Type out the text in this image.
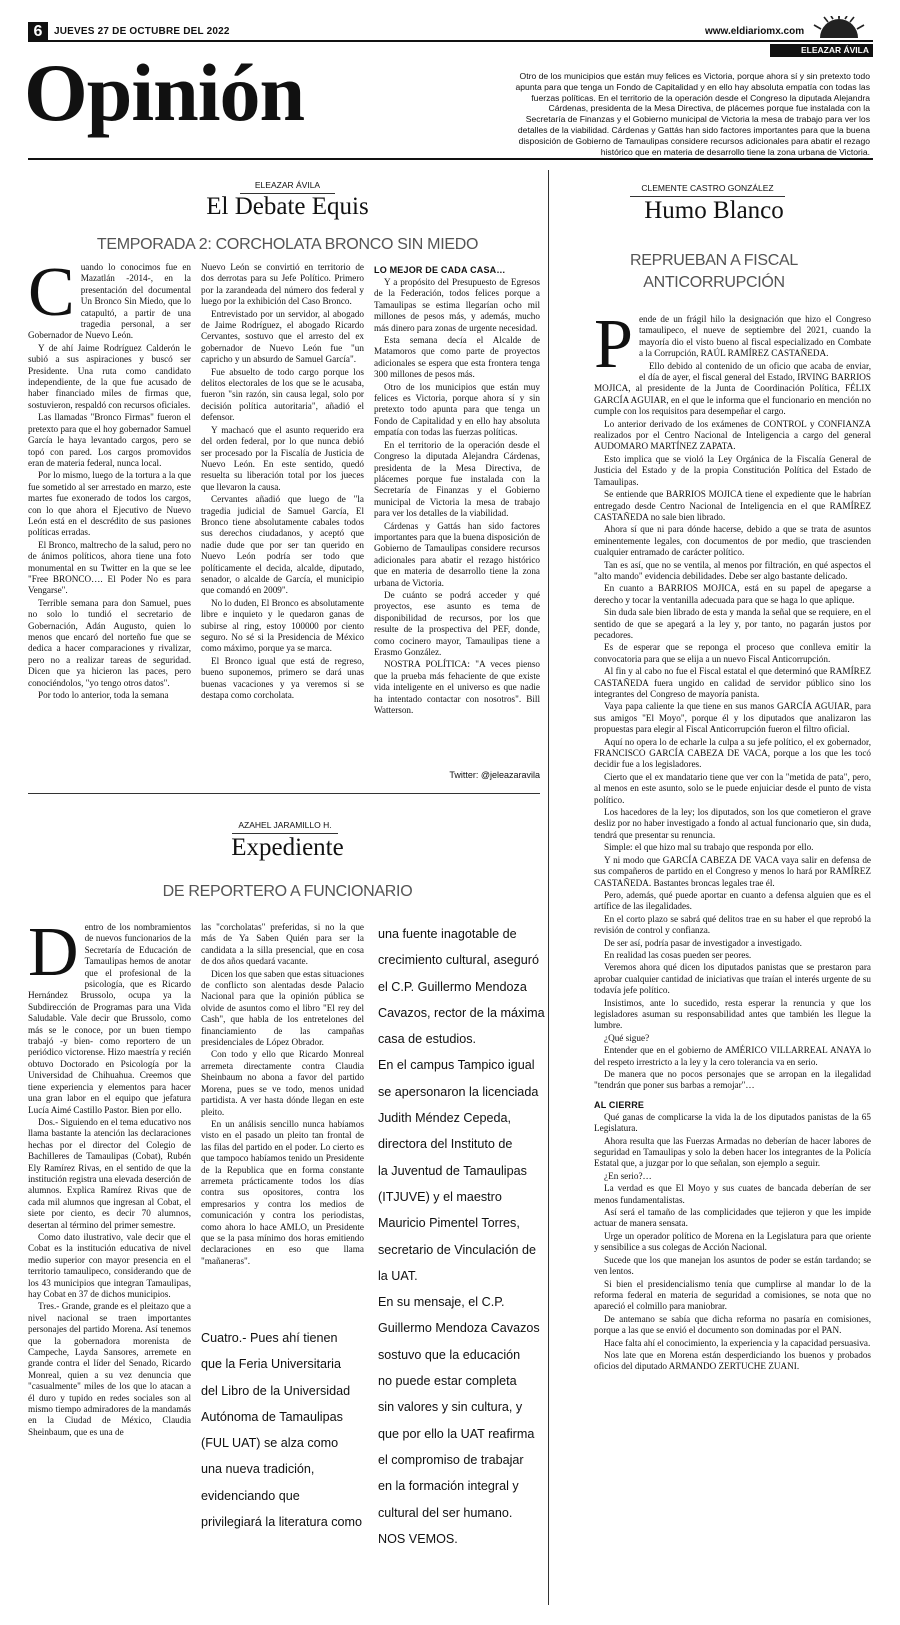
6	JUEVES 27 DE OCTUBRE DEL 2022	www.eldiariomx.com
ELEAZAR ÁVILA
Opinión	Otro de los municipios que están muy felices es Victoria, porque ahora sí y sin pretexto todo apunta para que tenga un Fondo de Capitalidad y en ello hay absoluta empatía con todas las fuerzas políticas. En el territorio de la operación desde el Congreso la diputada Alejandra Cárdenas, presidenta de la Mesa Directiva, de plácemes porque fue instalada con la Secretaría de Finanzas y el Gobierno municipal de Victoria la mesa de trabajo para ver los detalles de la viabilidad. Cárdenas y Gattás han sido factores importantes para que la buena disposición de Gobierno de Tamaulipas considere recursos adicionales para abatir el rezago histórico que en materia de desarrollo tiene la zona urbana de Victoria.
ELEAZAR ÁVILA
El Debate Equis
TEMPORADA 2: CORCHOLATA BRONCO SIN MIEDO

Cuando lo conocimos fue en Mazatlán -2014-, en la presentación del documental Un Bronco Sin Miedo, que lo catapultó, a partir de una tragedia personal, a ser Gobernador de Nuevo León.

Y de ahí Jaime Rodríguez Calderón le subió a sus aspiraciones y buscó ser Presidente. Una ruta como candidato independiente, de la que fue acusado de haber financiado miles de firmas que, sostuvieron, respaldó con recursos oficiales.

Las llamadas "Bronco Firmas" fueron el pretexto para que el hoy gobernador Samuel García le haya levantado cargos, pero se topó con pared. Los cargos promovidos eran de materia federal, nunca local.

Por lo mismo, luego de la tortura a la que fue sometido al ser arrestado en marzo, este martes fue exonerado de todos los cargos, con lo que ahora el Ejecutivo de Nuevo León está en el descrédito de sus pasiones políticas erradas.

El Bronco, maltrecho de la salud, pero no de ánimos políticos, ahora tiene una foto monumental en su Twitter en la que se lee "Free BRONCO…. El Poder No es para Vengarse".

Terrible semana para don Samuel, pues no solo lo tundió el secretario de Gobernación, Adán Augusto, quien lo menos que encaró del norteño fue que se dedica a hacer comparaciones y rivalizar, pero no a realizar tareas de seguridad. Dicen que ya hicieron las paces, pero conociéndolos, "yo tengo otros datos".

Por todo lo anterior, toda la semana

Nuevo León se convirtió en territorio de dos derrotas para su Jefe Político. Primero por la zarandeada del número dos federal y luego por la exhibición del Caso Bronco.

Entrevistado por un servidor, al abogado de Jaime Rodríguez, el abogado Ricardo Cervantes, sostuvo que el arresto del ex gobernador de Nuevo León fue "un capricho y un absurdo de Samuel García".

Fue absuelto de todo cargo porque los delitos electorales de los que se le acusaba, fueron "sin razón, sin causa legal, solo por decisión política autoritaria", añadió el defensor.

Y machacó que el asunto requerido era del orden federal, por lo que nunca debió ser procesado por la Fiscalía de Justicia de Nuevo León. En este sentido, quedó resuelta su liberación total por los jueces que llevaron la causa.

Cervantes añadió que luego de "la tragedia judicial de Samuel García, El Bronco tiene absolutamente cabales todos sus derechos ciudadanos, y aceptó que nadie dude que por ser tan querido en Nuevo León podría ser todo que políticamente el decida, alcalde, diputado, senador, o alcalde de García, el municipio que comandó en 2009".

No lo duden, El Bronco es absolutamente libre e inquieto y le quedaron ganas de subirse al ring, estoy 100000 por ciento seguro. No sé si la Presidencia de México como máximo, porque ya se marca.

El Bronco igual que está de regreso, bueno suponemos, primero se dará unas buenas vacaciones y ya veremos si se destapa como corcholata.

LO MEJOR DE CADA CASA…

Y a propósito del Presupuesto de Egresos de la Federación, todos felices porque a Tamaulipas se estima llegarían ocho mil millones de pesos más, y además, mucho más dinero para zonas de urgente necesidad.

Esta semana decía el Alcalde de Matamoros que como parte de proyectos adicionales se espera que esta frontera tenga 300 millones de pesos más.

Otro de los municipios que están muy felices es Victoria, porque ahora sí y sin pretexto todo apunta para que tenga un Fondo de Capitalidad y en ello hay absoluta empatía con todas las fuerzas políticas.

En el territorio de la operación desde el Congreso la diputada Alejandra Cárdenas, presidenta de la Mesa Directiva, de plácemes porque fue instalada con la Secretaría de Finanzas y el Gobierno municipal de Victoria la mesa de trabajo para ver los detalles de la viabilidad.

Cárdenas y Gattás han sido factores importantes para que la buena disposición de Gobierno de Tamaulipas considere recursos adicionales para abatir el rezago histórico que en materia de desarrollo tiene la zona urbana de Victoria.

De cuánto se podrá acceder y qué proyectos, ese asunto es tema de disponibilidad de recursos, por los que resulte de la prospectiva del PEF, donde, como cocinero mayor, Tamaulipas tiene a Erasmo González.

NOSTRA POLÍTICA: "A veces pienso que la prueba más fehaciente de que existe vida inteligente en el universo es que nadie ha intentado contactar con nosotros". Bill Watterson.

Twitter: @jeleazaravila
AZAHEL JARAMILLO H.
Expediente
DE REPORTERO A FUNCIONARIO

Dentro de los nombramientos de nuevos funcionarios de la Secretaría de Educación de Tamaulipas hemos de anotar que el profesional de la psicología, que es Ricardo Hernández Brussolo, ocupa ya la Subdirección de Programas para una Vida Saludable. Vale decir que Brussolo, como más se le conoce, por un buen tiempo trabajó -y bien- como reportero de un periódico victorense. Hizo maestría y recién obtuvo Doctorado en Psicología por la Universidad de Chihuahua. Creemos que tiene experiencia y elementos para hacer una gran labor en el equipo que jefatura Lucía Aimé Castillo Pastor. Bien por ello.

Dos.- Siguiendo en el tema educativo nos llama bastante la atención las declaraciones hechas por el director del Colegio de Bachilleres de Tamaulipas (Cobat), Rubén Ely Ramírez Rivas, en el sentido de que la institución registra una elevada deserción de alumnos. Explica Ramírez Rivas que de cada mil alumnos que ingresan al Cobat, el siete por ciento, es decir 70 alumnos, desertan al término del primer semestre.

Como dato ilustrativo, vale decir que el Cobat es la institución educativa de nivel medio superior con mayor presencia en el territorio tamaulipeco, considerando que de los 43 municipios que integran Tamaulipas, hay Cobat en 37 de dichos municipios.

Tres.- Grande, grande es el pleitazo que a nivel nacional se traen importantes personajes del partido Morena. Así tenemos que la gobernadora morenista de Campeche, Layda Sansores, arremete en grande contra el líder del Senado, Ricardo Monreal, quien a su vez denuncia que "casualmente" miles de los que lo atacan a él duro y tupido en redes sociales son al mismo tiempo admiradores de la mandamás en la Ciudad de México, Claudia Sheinbaum, que es una de

las "corcholatas" preferidas, si no la que más de Ya Saben Quién para ser la candidata a la silla presencial, que en cosa de dos años quedará vacante.

Dicen los que saben que estas situaciones de conflicto son alentadas desde Palacio Nacional para que la opinión pública se olvide de asuntos como el libro "El rey del Cash", que habla de los entretelones del financiamiento de las campañas presidenciales de López Obrador.

Con todo y ello que Ricardo Monreal arremeta directamente contra Claudia Sheinbaum no abona a favor del partido Morena, pues se ve todo, menos unidad partidista. A ver hasta dónde llegan en este pleito.

En un análisis sencillo nunca habíamos visto en el pasado un pleito tan frontal de las filas del partido en el poder. Lo cierto es que tampoco habíamos tenido un Presidente de la Republica que en forma constante arremeta prácticamente todos los días contra sus opositores, contra los empresarios y contra los medios de comunicación y contra los periodistas, como ahora lo hace AMLO, un Presidente que se la pasa mínimo dos horas emitiendo declaraciones en eso que llama "mañaneras".

Cuatro.- Pues ahí tienen

que la Feria Universitaria

del Libro de la Universidad

Autónoma de Tamaulipas

(FUL UAT) se alza como

una nueva tradición,

evidenciando que

privilegiará la literatura como

una fuente inagotable de

crecimiento cultural, aseguró

el C.P. Guillermo Mendoza

Cavazos, rector de la máxima

casa de estudios.

En el campus Tampico igual

se apersonaron la licenciada

Judith Méndez Cepeda,

directora del Instituto de

la Juventud de Tamaulipas

(ITJUVE) y el maestro

Mauricio Pimentel Torres,

secretario de Vinculación de

la UAT.

En su mensaje, el C.P.

Guillermo Mendoza Cavazos

sostuvo que la educación

no puede estar completa

sin valores y sin cultura, y

que por ello la UAT reafirma

el compromiso de trabajar

en la formación integral y

cultural del ser humano.

NOS VEMOS.

CLEMENTE CASTRO GONZÁLEZ
Humo Blanco
REPRUEBAN A FISCAL ANTICORRUPCIÓN

Pende de un frágil hilo la designación que hizo el Congreso tamaulipeco, el nueve de septiembre del 2021, cuando la mayoría dio el visto bueno al fiscal especializado en Combate a la Corrupción, RAÚL RAMÍREZ CASTAÑEDA.

Ello debido al contenido de un oficio que acaba de enviar, el día de ayer, el fiscal general del Estado, IRVING BARRIOS MOJICA, al presidente de la Junta de Coordinación Política, FÉLIX GARCÍA AGUIAR, en el que le informa que el funcionario en mención no cumple con los requisitos para desempeñar el cargo.

Lo anterior derivado de los exámenes de CONTROL y CONFIANZA realizados por el Centro Nacional de Inteligencia a cargo del general AUDOMARO MARTÍNEZ ZAPATA.

Esto implica que se violó la Ley Orgánica de la Fiscalía General de Justicia del Estado y de la propia Constitución Política del Estado de Tamaulipas.

Se entiende que BARRIOS MOJICA tiene el expediente que le habrían entregado desde Centro Nacional de Inteligencia en el que RAMÍREZ CASTAÑEDA no sale bien librado.

Ahora sí que ni para dónde hacerse, debido a que se trata de asuntos eminentemente legales, con documentos de por medio, que trascienden cualquier entramado de carácter político.

Tan es así, que no se ventila, al menos por filtración, en qué aspectos el "alto mando" evidencia debilidades. Debe ser algo bastante delicado.

En cuanto a BARRIOS MOJICA, está en su papel de apegarse a derecho y tocar la ventanilla adecuada para que se haga lo que aplique.

Sin duda sale bien librado de esta y manda la señal que se requiere, en el sentido de que se apegará a la ley y, por tanto, no pagarán justos por pecadores.

Es de esperar que se reponga el proceso que conlleva emitir la convocatoria para que se elija a un nuevo Fiscal Anticorrupción.

Al fin y al cabo no fue el Fiscal estatal el que determinó que RAMÍREZ CASTAÑEDA fuera ungido en calidad de servidor público sino los integrantes del Congreso de mayoría panista.

Vaya papa caliente la que tiene en sus manos GARCÍA AGUIAR, para sus amigos "El Moyo", porque él y los diputados que analizaron las propuestas para elegir al Fiscal Anticorrupción fueron el filtro oficial.

Aquí no opera lo de echarle la culpa a su jefe político, el ex gobernador, FRANCISCO GARCÍA CABEZA DE VACA, porque a los que les tocó decidir fue a los legisladores.

Cierto que el ex mandatario tiene que ver con la "metida de pata", pero, al menos en este asunto, solo se le puede enjuiciar desde el punto de vista político.

Los hacedores de la ley; los diputados, son los que cometieron el grave desliz por no haber investigado a fondo al actual funcionario que, sin duda, tendrá que presentar su renuncia.

Simple: el que hizo mal su trabajo que responda por ello.

Y ni modo que GARCÍA CABEZA DE VACA vaya salir en defensa de sus compañeros de partido en el Congreso y menos lo hará por RAMÍREZ CASTAÑEDA. Bastantes broncas legales trae él.

Pero, además, qué puede aportar en cuanto a defensa alguien que es el artífice de las ilegalidades.

En el corto plazo se sabrá qué delitos trae en su haber el que reprobó la revisión de control y confianza.

De ser así, podría pasar de investigador a investigado.

En realidad las cosas pueden ser peores.

Veremos ahora qué dicen los diputados panistas que se prestaron para aprobar cualquier cantidad de iniciativas que traían el interés urgente de su todavía jefe político.

Insistimos, ante lo sucedido, resta esperar la renuncia y que los legisladores asuman su responsabilidad antes que también les llegue la lumbre.

¿Qué sigue?

Entender que en el gobierno de AMÉRICO VILLARREAL ANAYA lo del respeto irrestricto a la ley y la cero tolerancia va en serio.

De manera que no pocos personajes que se arropan en la ilegalidad "tendrán que poner sus barbas a remojar"…

AL CIERRE

Qué ganas de complicarse la vida la de los diputados panistas de la 65 Legislatura.

Ahora resulta que las Fuerzas Armadas no deberían de hacer labores de seguridad en Tamaulipas y solo la deben hacer los integrantes de la Policía Estatal que, a juzgar por lo que señalan, son ejemplo a seguir.

¿En serio?…

La verdad es que El Moyo y sus cuates de bancada deberían de ser menos fundamentalistas.

Así será el tamaño de las complicidades que tejieron y que les impide actuar de manera sensata.

Urge un operador político de Morena en la Legislatura para que oriente y sensibilice a sus colegas de Acción Nacional.

Sucede que los que manejan los asuntos de poder se están tardando; se ven lentos.

Si bien el presidencialismo tenía que cumplirse al mandar lo de la reforma federal en materia de seguridad a comisiones, se nota que no apareció el colmillo para maniobrar.

De antemano se sabía que dicha reforma no pasaría en comisiones, porque a las que se envió el documento son dominadas por el PAN.

Hace falta ahí el conocimiento, la experiencia y la capacidad persuasiva.

Nos late que en Morena están desperdiciando los buenos y probados oficios del diputado ARMANDO ZERTUCHE ZUANI.
